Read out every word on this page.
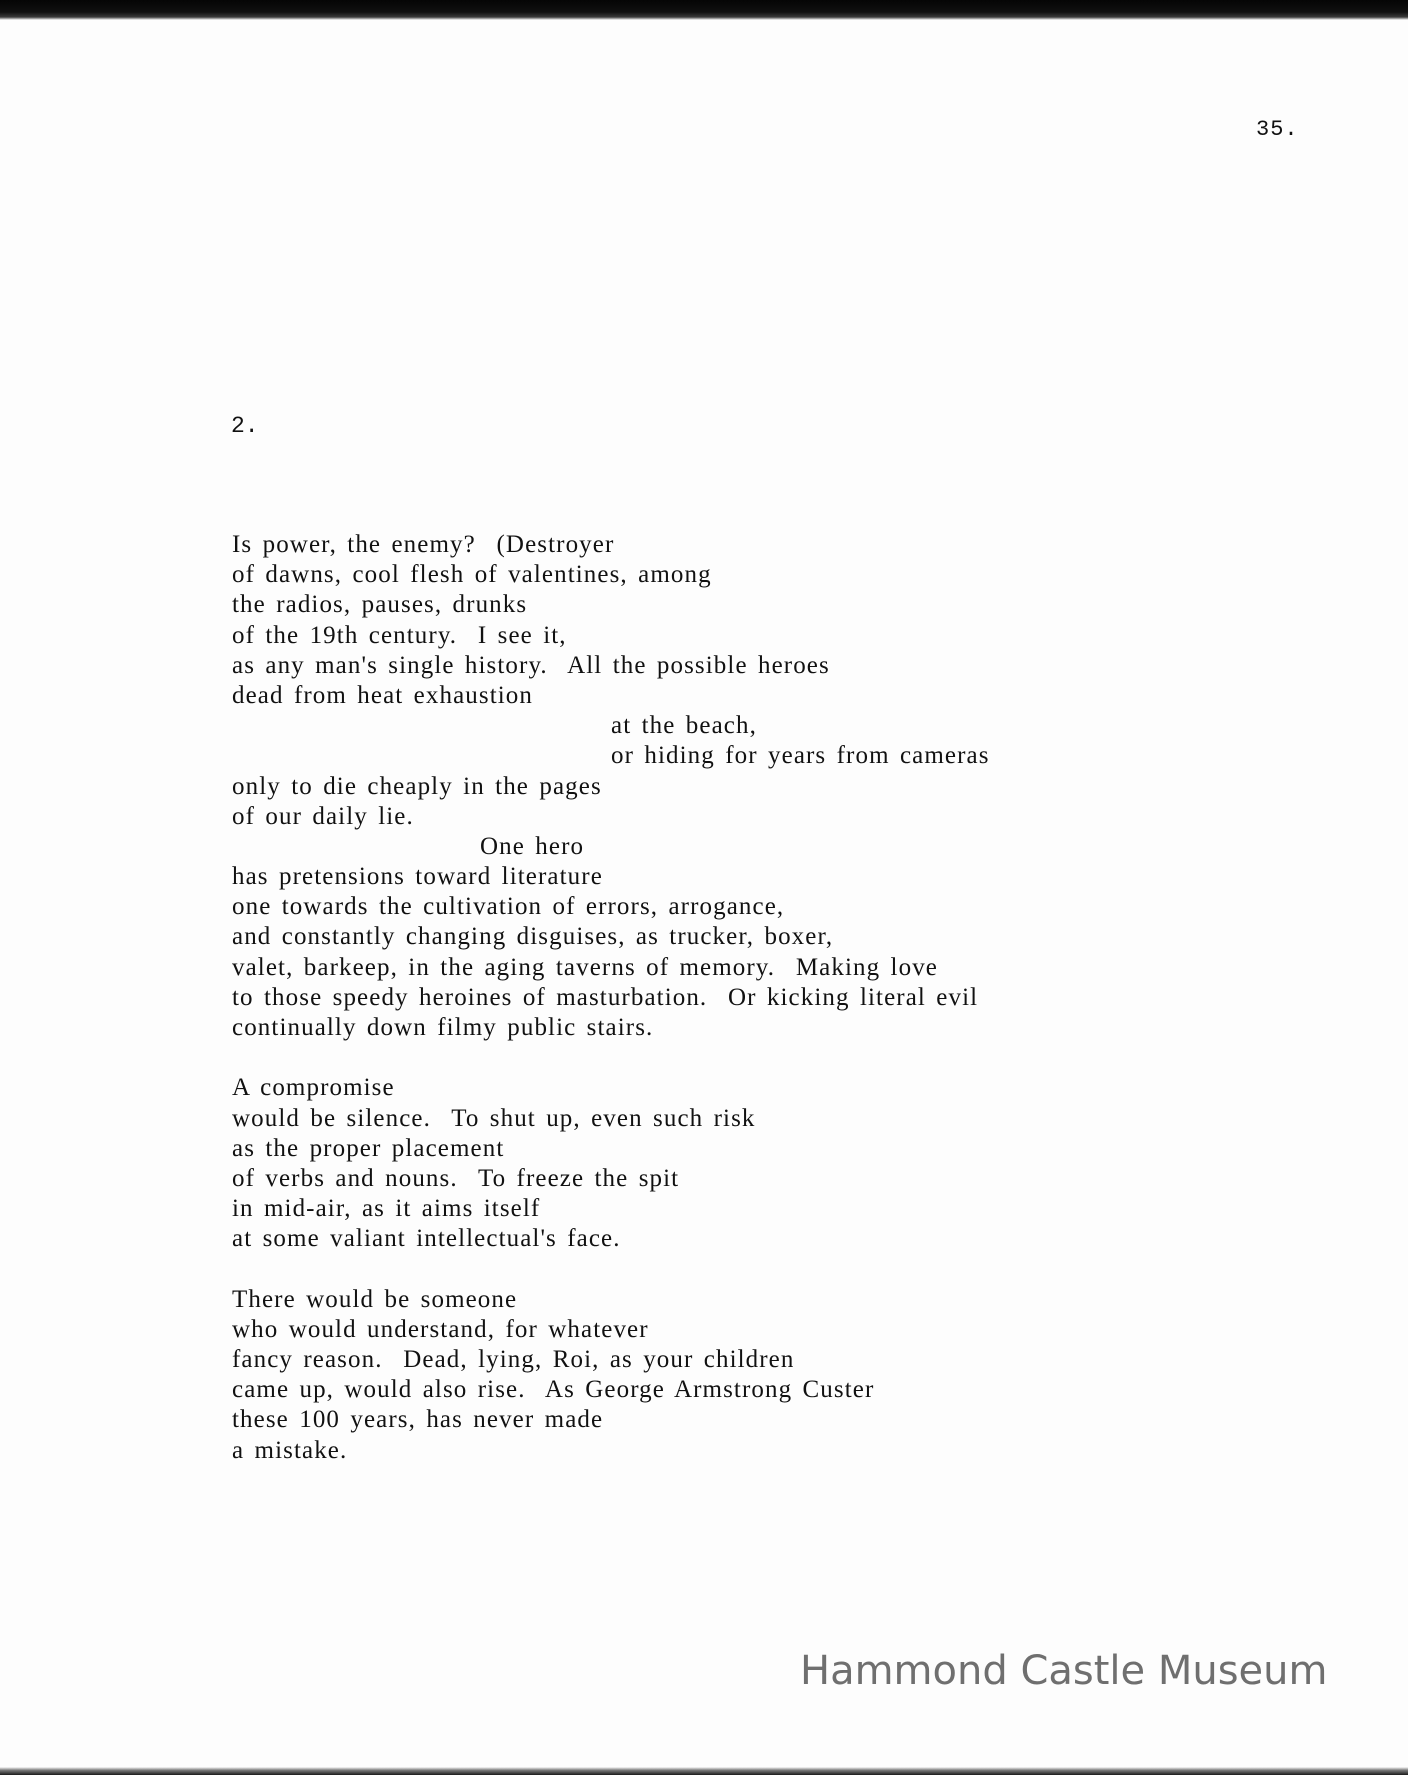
35.
2.
Is power, the enemy?  (Destroyer
of dawns, cool flesh of valentines, among
the radios, pauses, drunks
of the 19th century.  I see it,
as any man's single history.  All the possible heroes
dead from heat exhaustion
at the beach,
or hiding for years from cameras
only to die cheaply in the pages
of our daily lie.
One hero
has pretensions toward literature
one towards the cultivation of errors, arrogance,
and constantly changing disguises, as trucker, boxer,
valet, barkeep, in the aging taverns of memory.  Making love
to those speedy heroines of masturbation.  Or kicking literal evil
continually down filmy public stairs.
A compromise
would be silence.  To shut up, even such risk
as the proper placement
of verbs and nouns.  To freeze the spit
in mid-air, as it aims itself
at some valiant intellectual's face.
There would be someone
who would understand, for whatever
fancy reason.  Dead, lying, Roi, as your children
came up, would also rise.  As George Armstrong Custer
these 100 years, has never made
a mistake.
Hammond Castle Museum
